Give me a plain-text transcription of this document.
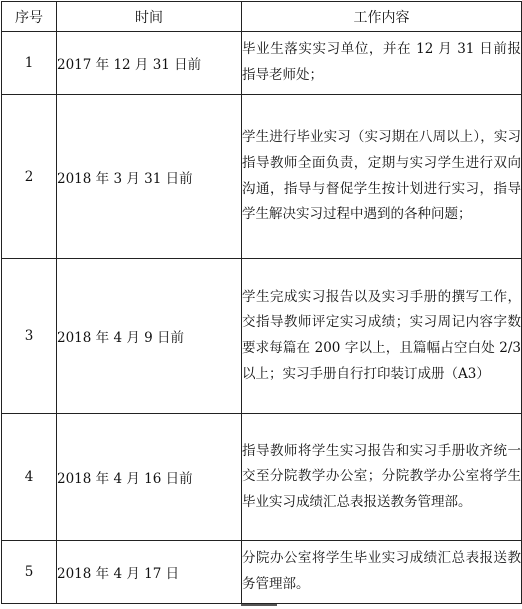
序号	时间	工作内容
1	2017 年 12 月 31 日前	毕业生落实实习单位，并在 12 月 31 日前报指导老师处；
2	2018 年 3 月 31 日前	学生进行毕业实习（实习期在八周以上），实习指导教师全面负责，定期与实习学生进行双向沟通，指导与督促学生按计划进行实习，指导学生解决实习过程中遇到的各种问题；
3	2018 年 4 月 9 日前	学生完成实习报告以及实习手册的撰写工作，交指导教师评定实习成绩；实习周记内容字数要求每篇在 200 字以上，且篇幅占空白处 2/3 以上；实习手册自行打印装订成册（A3）
4	2018 年 4 月 16 日前	指导教师将学生实习报告和实习手册收齐统一交至分院教学办公室；分院教学办公室将学生毕业实习成绩汇总表报送教务管理部。
5	2018 年 4 月 17 日	分院办公室将学生毕业实习成绩汇总表报送教务管理部。
